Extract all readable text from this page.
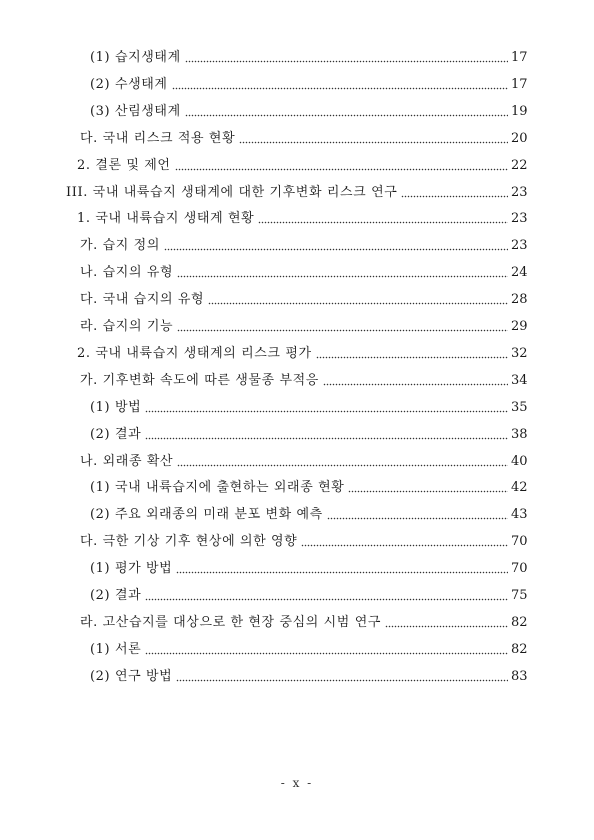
(1) 습지생태계	17
(2) 수생태계	17
(3) 산림생태계	19
다. 국내 리스크 적용 현황	20
2. 결론 및 제언	22
III. 국내 내륙습지 생태계에 대한 기후변화 리스크 연구	23
1. 국내 내륙습지 생태계 현황	23
가. 습지 정의	23
나. 습지의 유형	24
다. 국내 습지의 유형	28
라. 습지의 기능	29
2. 국내 내륙습지 생태계의 리스크 평가	32
가. 기후변화 속도에 따른 생물종 부적응	34
(1) 방법	35
(2) 결과	38
나. 외래종 확산	40
(1) 국내 내륙습지에 출현하는 외래종 현황	42
(2) 주요 외래종의 미래 분포 변화 예측	43
다. 극한 기상 기후 현상에 의한 영향	70
(1) 평가 방법	70
(2) 결과	75
라. 고산습지를 대상으로 한 현장 중심의 시범 연구	82
(1) 서론	82
(2) 연구 방법	83
- x -
